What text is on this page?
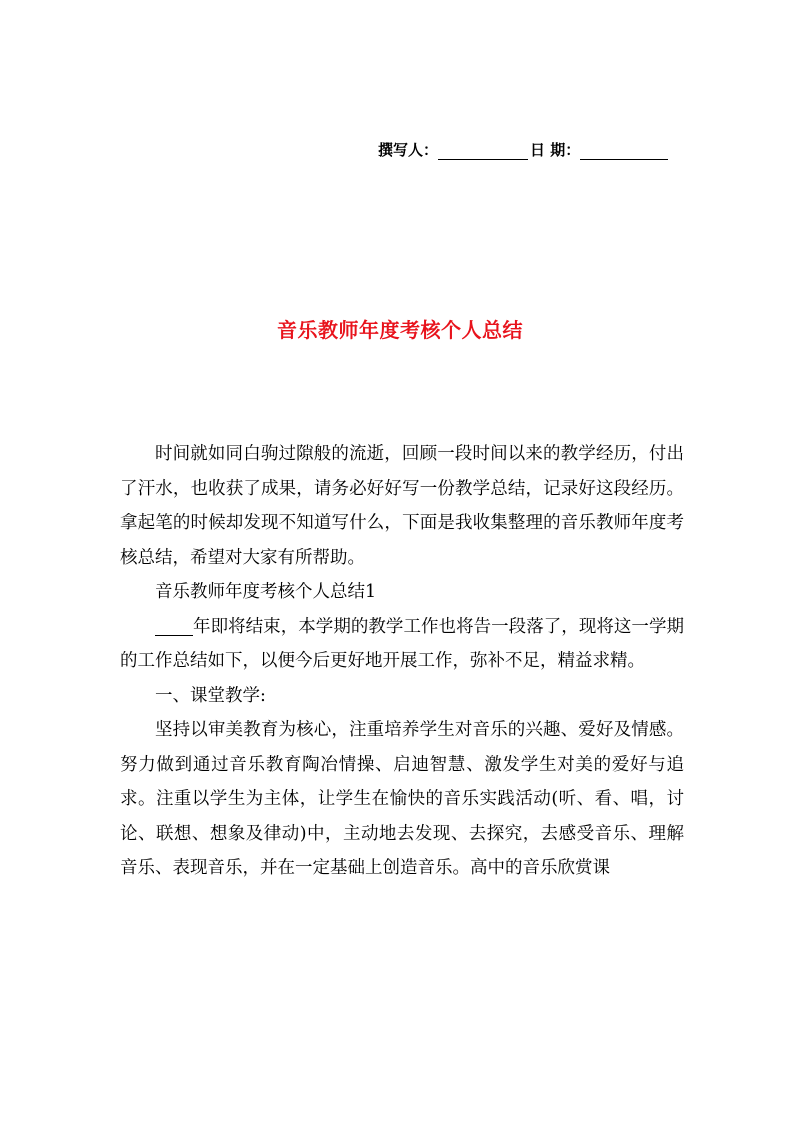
撰写人：	日 期：
音乐教师年度考核个人总结

时间就如同白驹过隙般的流逝，回顾一段时间以来的教学经历，付出了汗水，也收获了成果，请务必好好写一份教学总结，记录好这段经历。拿起笔的时候却发现不知道写什么，下面是我收集整理的音乐教师年度考核总结，希望对大家有所帮助。

音乐教师年度考核个人总结1

年即将结束，本学期的教学工作也将告一段落了，现将这一学期的工作总结如下，以便今后更好地开展工作，弥补不足，精益求精。

一、课堂教学:

坚持以审美教育为核心，注重培养学生对音乐的兴趣、爱好及情感。努力做到通过音乐教育陶冶情操、启迪智慧、激发学生对美的爱好与追求。注重以学生为主体，让学生在愉快的音乐实践活动(听、看、唱，讨论、联想、想象及律动)中，主动地去发现、去探究，去感受音乐、理解音乐、表现音乐，并在一定基础上创造音乐。高中的音乐欣赏课
